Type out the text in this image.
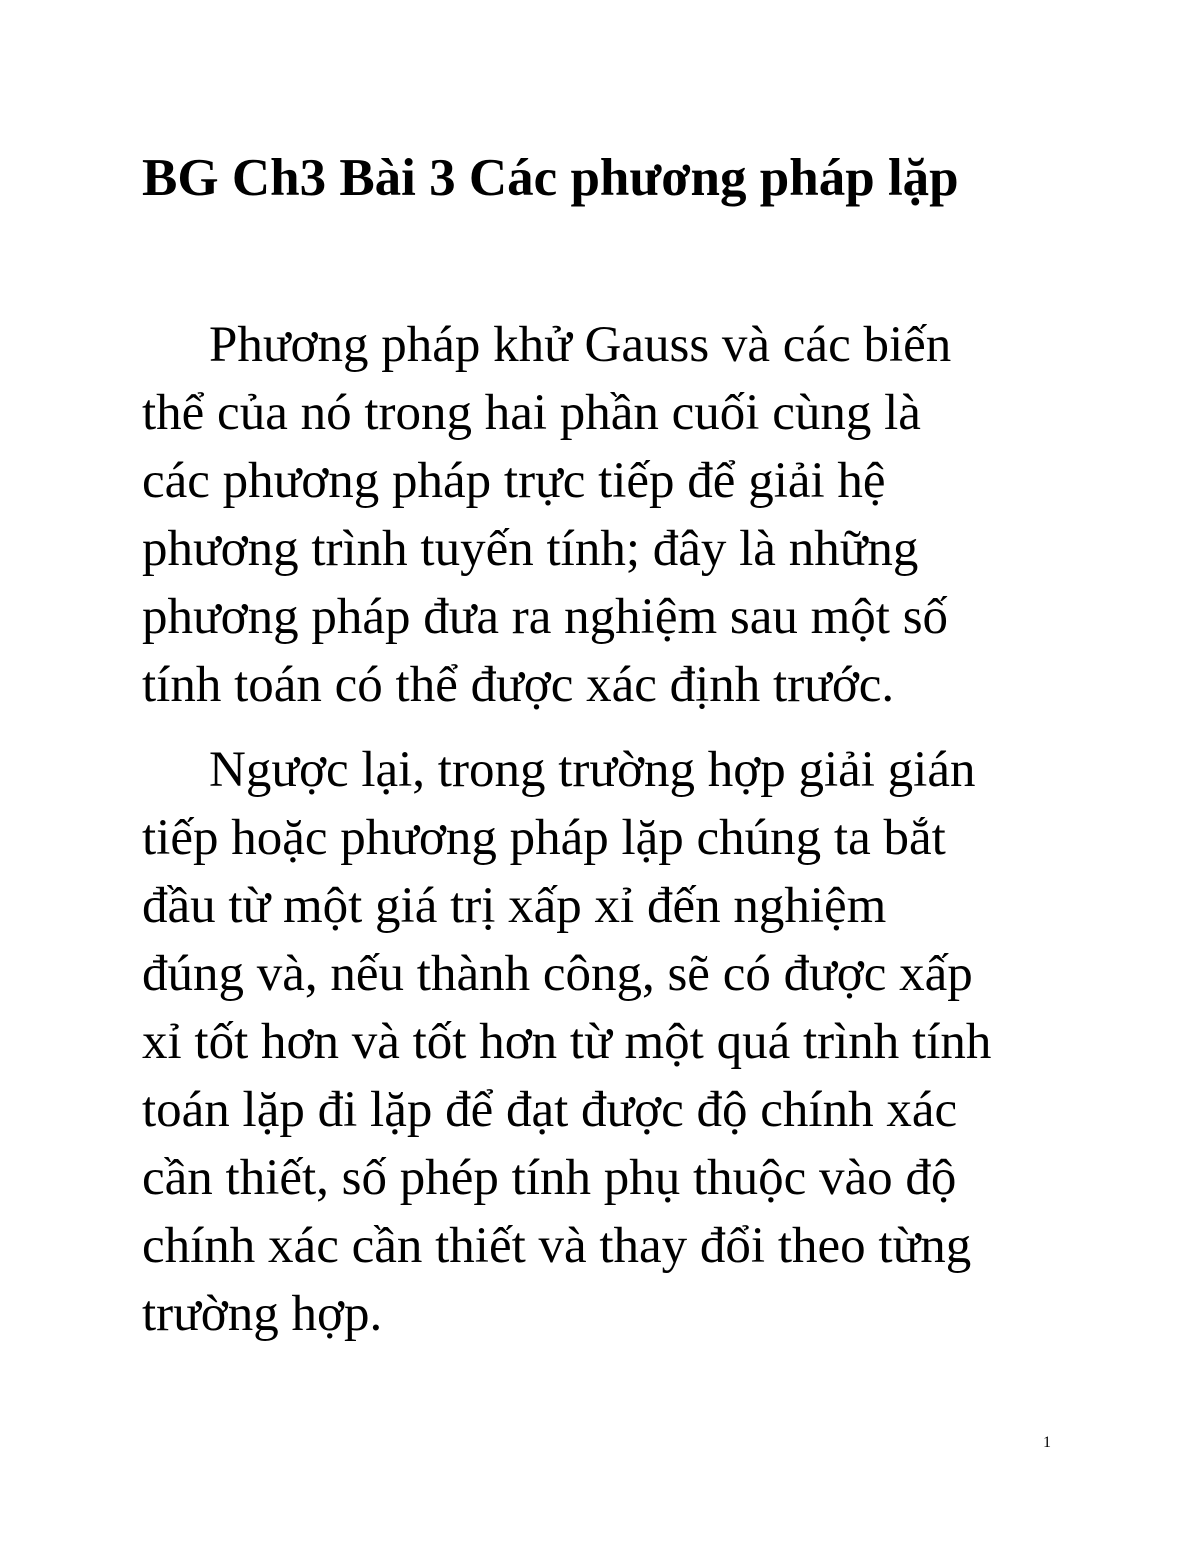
BG Ch3 Bài 3 Các phương pháp lặp

Phương pháp khử Gauss và các biến
thể của nó trong hai phần cuối cùng là
các phương pháp trực tiếp để giải hệ
phương trình tuyến tính; đây là những
phương pháp đưa ra nghiệm sau một số
tính toán có thể được xác định trước.

Ngược lại, trong trường hợp giải gián
tiếp hoặc phương pháp lặp chúng ta bắt
đầu từ một giá trị xấp xỉ đến nghiệm
đúng và, nếu thành công, sẽ có được xấp
xỉ tốt hơn và tốt hơn từ một quá trình tính
toán lặp đi lặp để đạt được độ chính xác
cần thiết, số phép tính phụ thuộc vào độ
chính xác cần thiết và thay đổi theo từng
trường hợp.

1
